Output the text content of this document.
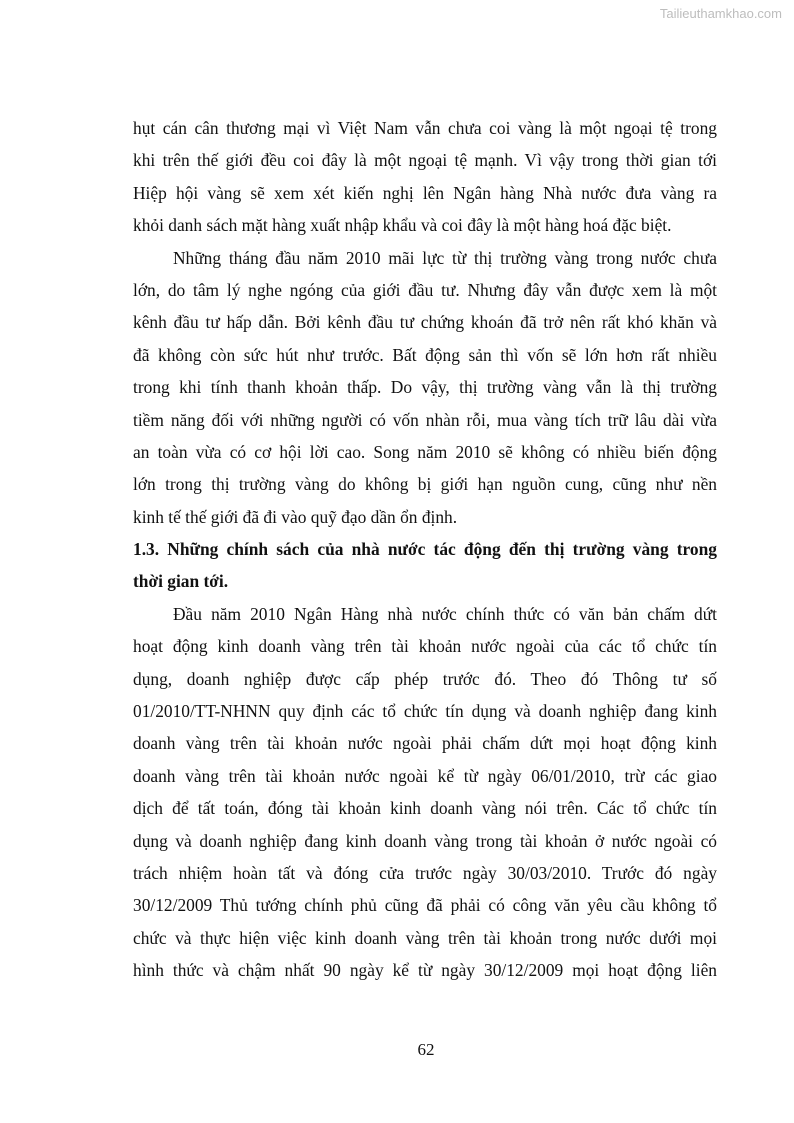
Tailieuthamkhao.com
hụt cán cân thương mại vì Việt Nam vẫn chưa coi vàng là một ngoại tệ trong
khi trên thế giới đều coi đây là một ngoại tệ mạnh. Vì vậy trong thời gian tới
Hiệp hội vàng sẽ xem xét kiến nghị lên Ngân hàng Nhà nước đưa vàng ra
khỏi danh sách mặt hàng xuất nhập khẩu và coi đây là một hàng hoá đặc biệt.
Những tháng đầu năm 2010 mãi lực từ thị trường vàng trong nước chưa
lớn, do tâm lý nghe ngóng của giới đầu tư. Nhưng đây vẫn được xem là một
kênh đầu tư hấp dẫn. Bởi kênh đầu tư chứng khoán đã trở nên rất khó khăn và
đã không còn sức hút như trước. Bất động sản thì vốn sẽ lớn hơn rất nhiều
trong khi tính thanh khoản thấp. Do vậy, thị trường vàng vẫn là thị trường
tiềm năng đối với những người có vốn nhàn rỗi, mua vàng tích trữ lâu dài vừa
an toàn vừa có cơ hội lời cao. Song năm 2010 sẽ không có nhiều biến động
lớn trong thị trường vàng do không bị giới hạn nguồn cung, cũng như nền
kinh tế thế giới đã đi vào quỹ đạo dần ổn định.
1.3. Những chính sách của nhà nước tác động đến thị trường vàng trong
thời gian tới.
Đầu năm 2010 Ngân Hàng nhà nước chính thức có văn bản chấm dứt
hoạt động kinh doanh vàng trên tài khoản nước ngoài của các tổ chức tín
dụng, doanh nghiệp được cấp phép trước đó. Theo đó Thông tư số
01/2010/TT-NHNN quy định các tổ chức tín dụng và doanh nghiệp đang kinh
doanh vàng trên tài khoản nước ngoài phải chấm dứt mọi hoạt động kinh
doanh vàng trên tài khoản nước ngoài kể từ ngày 06/01/2010, trừ các giao
dịch để tất toán, đóng tài khoản kinh doanh vàng nói trên. Các tổ chức tín
dụng và doanh nghiệp đang kinh doanh vàng trong tài khoản ở nước ngoài có
trách nhiệm hoàn tất và đóng cửa trước ngày 30/03/2010. Trước đó ngày
30/12/2009 Thủ tướng chính phủ cũng đã phải có công văn yêu cầu không tổ
chức và thực hiện việc kinh doanh vàng trên tài khoản trong nước dưới mọi
hình thức và chậm nhất 90 ngày kể từ ngày 30/12/2009 mọi hoạt động liên
62
